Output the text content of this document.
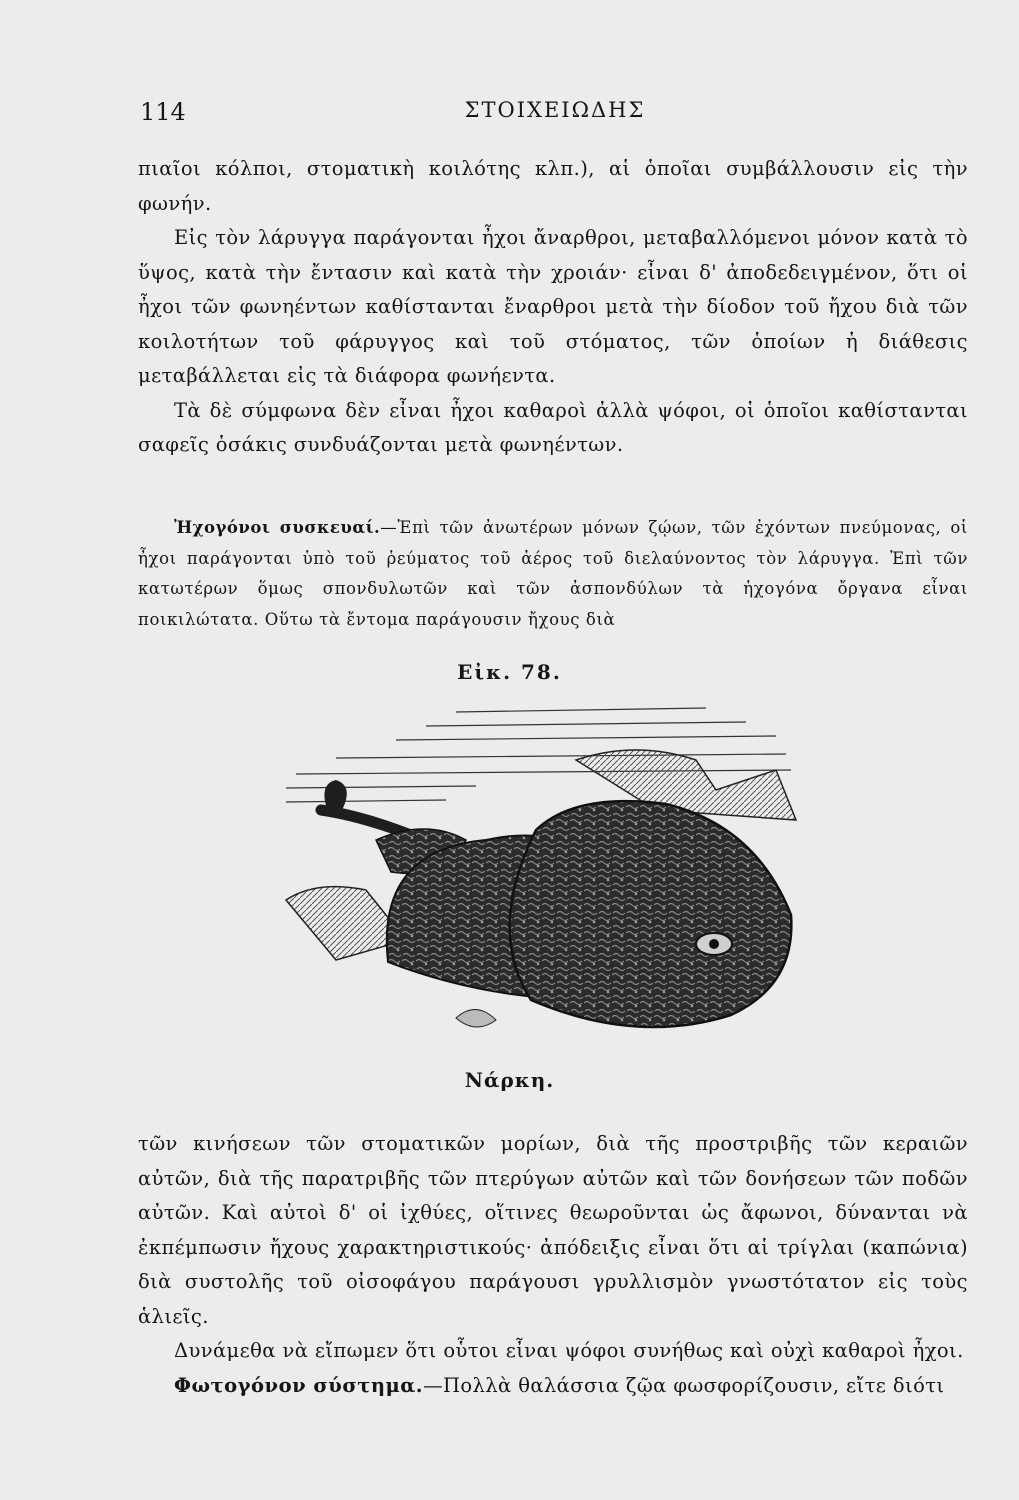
114	ΣΤΟΙΧΕΙΩΔΗΣ

πιαῖοι κόλποι, στοματικὴ κοιλότης κλπ.), αἱ ὁποῖαι συμβάλλουσιν εἰς τὴν φωνήν.

Εἰς τὸν λάρυγγα παράγονται ἦχοι ἄναρθροι, μεταβαλλόμενοι μόνον κατὰ τὸ ὕψος, κατὰ τὴν ἔντασιν καὶ κατὰ τὴν χροιάν· εἶναι δ' ἀποδεδειγμένον, ὅτι οἱ ἦχοι τῶν φωνηέντων καθίστανται ἔναρθροι μετὰ τὴν δίοδον τοῦ ἤχου διὰ τῶν κοιλοτήτων τοῦ φάρυγγος καὶ τοῦ στόματος, τῶν ὁποίων ἡ διάθεσις μεταβάλλεται εἰς τὰ διάφορα φωνήεντα.

Τὰ δὲ σύμφωνα δὲν εἶναι ἦχοι καθαροὶ ἀλλὰ ψόφοι, οἱ ὁποῖοι καθίστανται σαφεῖς ὁσάκις συνδυάζονται μετὰ φωνηέντων.

Ἠχογόνοι συσκευαί.—Ἐπὶ τῶν ἀνωτέρων μόνων ζῴων, τῶν ἐχόντων πνεύμονας, οἱ ἦχοι παράγονται ὑπὸ τοῦ ῥεύματος τοῦ ἀέρος τοῦ διελαύνοντος τὸν λάρυγγα. Ἐπὶ τῶν κατωτέρων ὅμως σπονδυλωτῶν καὶ τῶν ἀσπονδύλων τὰ ἠχογόνα ὄργανα εἶναι ποικιλώτατα. Οὕτω τὰ ἔντομα παράγουσιν ἤχους διὰ

Εἰκ. 78.
Νάρκη.

τῶν κινήσεων τῶν στοματικῶν μορίων, διὰ τῆς προστριβῆς τῶν κεραιῶν αὐτῶν, διὰ τῆς παρατριβῆς τῶν πτερύγων αὐτῶν καὶ τῶν δονήσεων τῶν ποδῶν αὐτῶν. Καὶ αὐτοὶ δ' οἱ ἰχθύες, οἵτινες θεωροῦνται ὡς ἄφωνοι, δύνανται νὰ ἐκπέμπωσιν ἤχους χαρακτηριστικούς· ἀπόδειξις εἶναι ὅτι αἱ τρίγλαι (καπώνια) διὰ συστολῆς τοῦ οἰσοφάγου παράγουσι γρυλλισμὸν γνωστότατον εἰς τοὺς ἁλιεῖς.

Δυνάμεθα νὰ εἴπωμεν ὅτι οὗτοι εἶναι ψόφοι συνήθως καὶ οὐχὶ καθαροὶ ἦχοι.

Φωτογόνον σύστημα.—Πολλὰ θαλάσσια ζῷα φωσφορίζουσιν, εἴτε διότι
